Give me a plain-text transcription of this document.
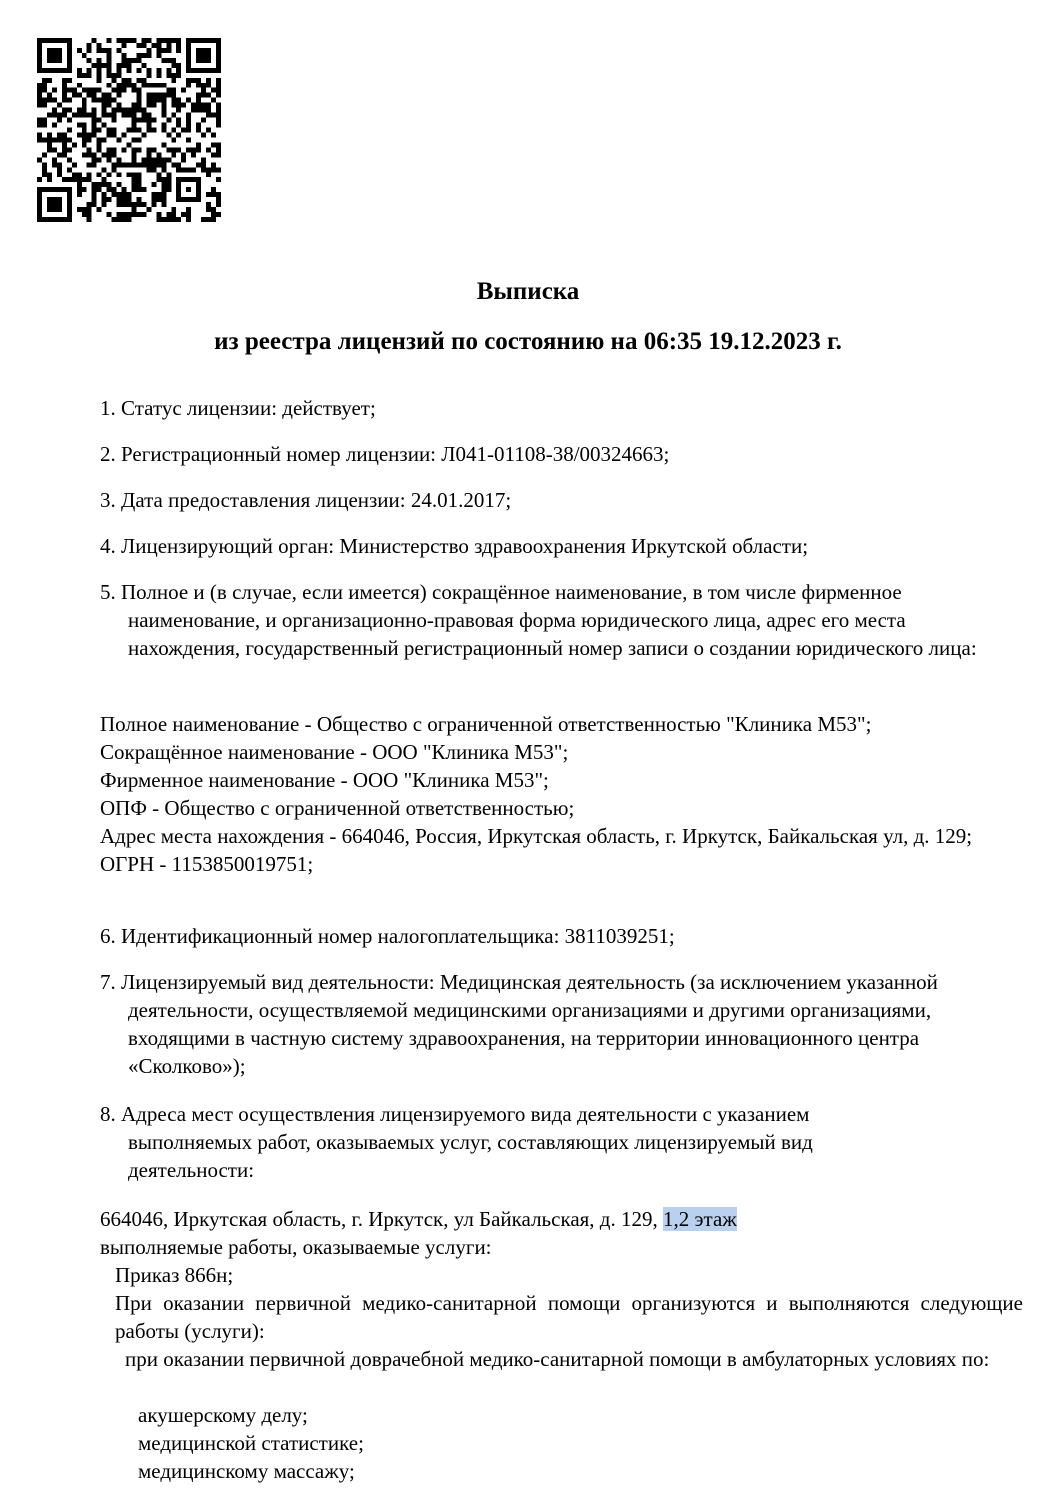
Выписка
из реестра лицензий по состоянию на 06:35 19.12.2023 г.

1. Статус лицензии: действует;

2. Регистрационный номер лицензии: Л041-01108-38/00324663;

3. Дата предоставления лицензии: 24.01.2017;

4. Лицензирующий орган: Министерство здравоохранения Иркутской области;

5. Полное и (в случае, если имеется) сокращённое наименование, в том числе фирменное наименование, и организационно-правовая форма юридического лица, адрес его места нахождения, государственный регистрационный номер записи о создании юридического лица:

Полное наименование - Общество с ограниченной ответственностью "Клиника М53";

Сокращённое наименование - ООО "Клиника М53";

Фирменное наименование - ООО "Клиника М53";

ОПФ - Общество с ограниченной ответственностью;

Адрес места нахождения - 664046, Россия, Иркутская область, г. Иркутск, Байкальская ул, д. 129;

ОГРН - 1153850019751;

6. Идентификационный номер налогоплательщика: 3811039251;

7. Лицензируемый вид деятельности: Медицинская деятельность (за исключением указанной деятельности, осуществляемой медицинскими организациями и другими организациями, входящими в частную систему здравоохранения, на территории инновационного центра «Сколково»);

8. Адреса мест осуществления лицензируемого вида деятельности с указанием выполняемых работ, оказываемых услуг, составляющих лицензируемый вид деятельности:

664046, Иркутская область, г. Иркутск, ул Байкальская, д. 129, 1,2 этаж

выполняемые работы, оказываемые услуги:

Приказ 866н;

При оказании первичной медико-санитарной помощи организуются и выполняются следующие работы (услуги):

при оказании первичной доврачебной медико-санитарной помощи в амбулаторных условиях по:

акушерскому делу;

медицинской статистике;

медицинскому массажу;
